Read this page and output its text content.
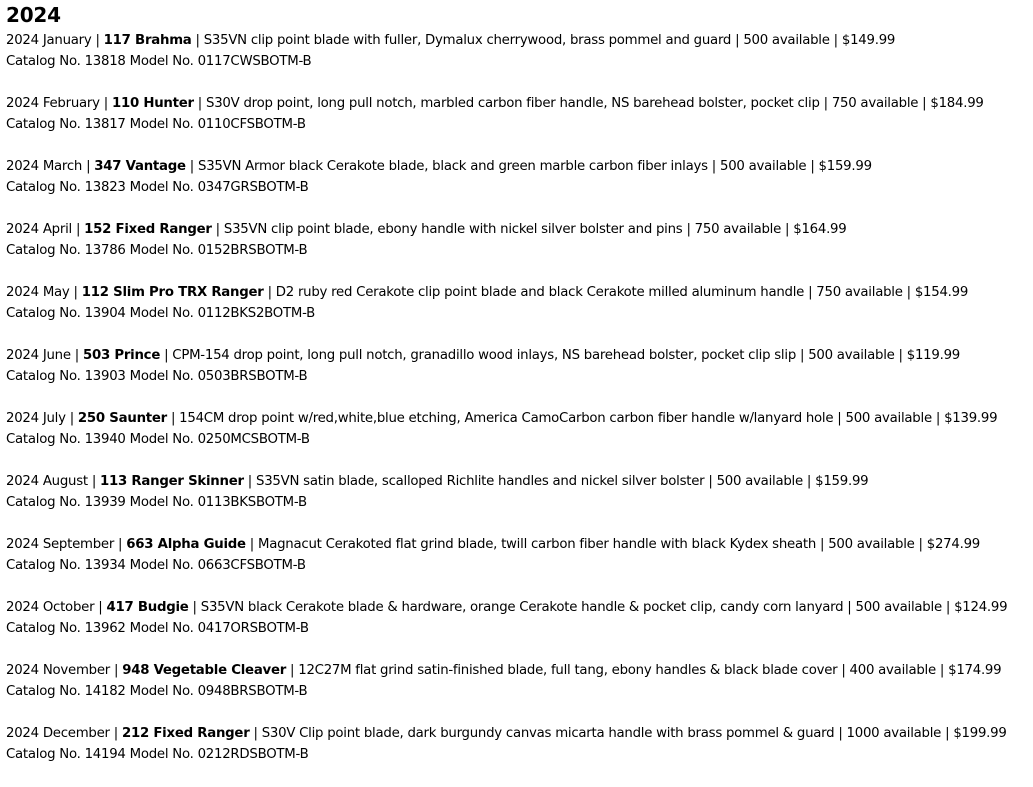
2024
2024 January | 117 Brahma | S35VN clip point blade with fuller, Dymalux cherrywood, brass pommel and guard | 500 available | $149.99
Catalog No. 13818 Model No. 0117CWSBOTM-B
2024 February | 110 Hunter | S30V drop point, long pull notch, marbled carbon fiber handle, NS barehead bolster, pocket clip | 750 available | $184.99
Catalog No. 13817 Model No. 0110CFSBOTM-B
2024 March | 347 Vantage | S35VN Armor black Cerakote blade, black and green marble carbon fiber inlays | 500 available | $159.99
Catalog No. 13823 Model No. 0347GRSBOTM-B
2024 April | 152 Fixed Ranger | S35VN clip point blade, ebony handle with nickel silver bolster and pins | 750 available | $164.99
Catalog No. 13786 Model No. 0152BRSBOTM-B
2024 May | 112 Slim Pro TRX Ranger | D2 ruby red Cerakote clip point blade and black Cerakote milled aluminum handle | 750 available | $154.99
Catalog No. 13904 Model No. 0112BKS2BOTM-B
2024 June | 503 Prince | CPM-154 drop point, long pull notch, granadillo wood inlays, NS barehead bolster, pocket clip slip | 500 available | $119.99
Catalog No. 13903 Model No. 0503BRSBOTM-B
2024 July | 250 Saunter | 154CM drop point w/red,white,blue etching, America CamoCarbon carbon fiber handle w/lanyard hole | 500 available | $139.99
Catalog No. 13940 Model No. 0250MCSBOTM-B
2024 August | 113 Ranger Skinner | S35VN satin blade, scalloped Richlite handles and nickel silver bolster | 500 available | $159.99
Catalog No. 13939 Model No. 0113BKSBOTM-B
2024 September | 663 Alpha Guide | Magnacut Cerakoted flat grind blade, twill carbon fiber handle with black Kydex sheath | 500 available | $274.99
Catalog No. 13934 Model No. 0663CFSBOTM-B
2024 October | 417 Budgie | S35VN black Cerakote blade & hardware, orange Cerakote handle & pocket clip, candy corn lanyard | 500 available | $124.99
Catalog No. 13962 Model No. 0417ORSBOTM-B
2024 November | 948 Vegetable Cleaver | 12C27M flat grind satin-finished blade, full tang, ebony handles & black blade cover | 400 available | $174.99
Catalog No. 14182 Model No. 0948BRSBOTM-B
2024 December | 212 Fixed Ranger | S30V Clip point blade, dark burgundy canvas micarta handle with brass pommel & guard | 1000 available | $199.99
Catalog No. 14194 Model No. 0212RDSBOTM-B
